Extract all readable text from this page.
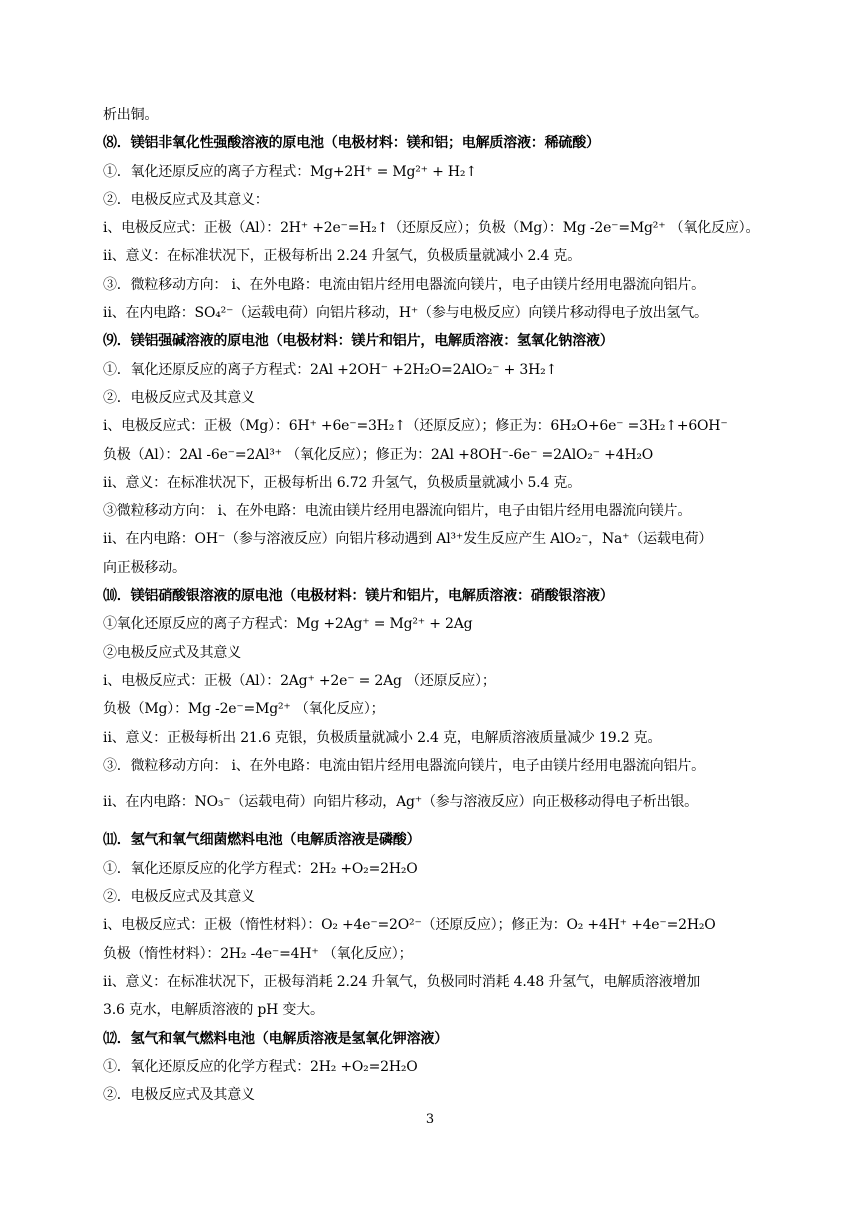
析出铜。
⑻．镁铝非氧化性强酸溶液的原电池（电极材料：镁和铝；电解质溶液：稀硫酸）
①．氧化还原反应的离子方程式：Mg+2H⁺ = Mg²⁺ + H₂↑
②．电极反应式及其意义：
ⅰ、电极反应式：正极（Al）：2H⁺ +2e⁻=H₂↑（还原反应）；负极（Mg）：Mg -2e⁻=Mg²⁺ （氧化反应）。
ⅱ、意义：在标准状况下，正极每析出 2.24 升氢气，负极质量就减小 2.4 克。
③．微粒移动方向： ⅰ、在外电路：电流由铝片经用电器流向镁片，电子由镁片经用电器流向铝片。
ⅱ、在内电路：SO₄²⁻（运载电荷）向铝片移动，H⁺（参与电极反应）向镁片移动得电子放出氢气。
⑼．镁铝强碱溶液的原电池（电极材料：镁片和铝片，电解质溶液：氢氧化钠溶液）
①．氧化还原反应的离子方程式：2Al +2OH⁻ +2H₂O=2AlO₂⁻ + 3H₂↑
②．电极反应式及其意义
ⅰ、电极反应式：正极（Mg）：6H⁺ +6e⁻=3H₂↑（还原反应）；修正为：6H₂O+6e⁻ =3H₂↑+6OH⁻
负极（Al）：2Al -6e⁻=2Al³⁺ （氧化反应）；修正为：2Al +8OH⁻-6e⁻ =2AlO₂⁻ +4H₂O
ⅱ、意义：在标准状况下，正极每析出 6.72 升氢气，负极质量就减小 5.4 克。
③微粒移动方向： ⅰ、在外电路：电流由镁片经用电器流向铝片，电子由铝片经用电器流向镁片。
ⅱ、在内电路：OH⁻（参与溶液反应）向铝片移动遇到 Al³⁺发生反应产生 AlO₂⁻，Na⁺（运载电荷）
向正极移动。
⑽．镁铝硝酸银溶液的原电池（电极材料：镁片和铝片，电解质溶液：硝酸银溶液）
①氧化还原反应的离子方程式：Mg +2Ag⁺ = Mg²⁺ + 2Ag
②电极反应式及其意义
ⅰ、电极反应式：正极（Al）：2Ag⁺ +2e⁻ = 2Ag （还原反应）；
负极（Mg）：Mg -2e⁻=Mg²⁺ （氧化反应）；
ⅱ、意义：正极每析出 21.6 克银，负极质量就减小 2.4 克，电解质溶液质量减少 19.2 克。
③．微粒移动方向： ⅰ、在外电路：电流由铝片经用电器流向镁片，电子由镁片经用电器流向铝片。
ⅱ、在内电路：NO₃⁻（运载电荷）向铝片移动，Ag⁺（参与溶液反应）向正极移动得电子析出银。
⑾．氢气和氧气细菌燃料电池（电解质溶液是磷酸）
①．氧化还原反应的化学方程式：2H₂ +O₂=2H₂O
②．电极反应式及其意义
ⅰ、电极反应式：正极（惰性材料）：O₂ +4e⁻=2O²⁻（还原反应）；修正为：O₂ +4H⁺ +4e⁻=2H₂O
负极（惰性材料）：2H₂ -4e⁻=4H⁺ （氧化反应）；
ⅱ、意义：在标准状况下，正极每消耗 2.24 升氧气，负极同时消耗 4.48 升氢气，电解质溶液增加
3.6 克水，电解质溶液的 pH 变大。
⑿．氢气和氧气燃料电池（电解质溶液是氢氧化钾溶液）
①．氧化还原反应的化学方程式：2H₂ +O₂=2H₂O
②．电极反应式及其意义
3
